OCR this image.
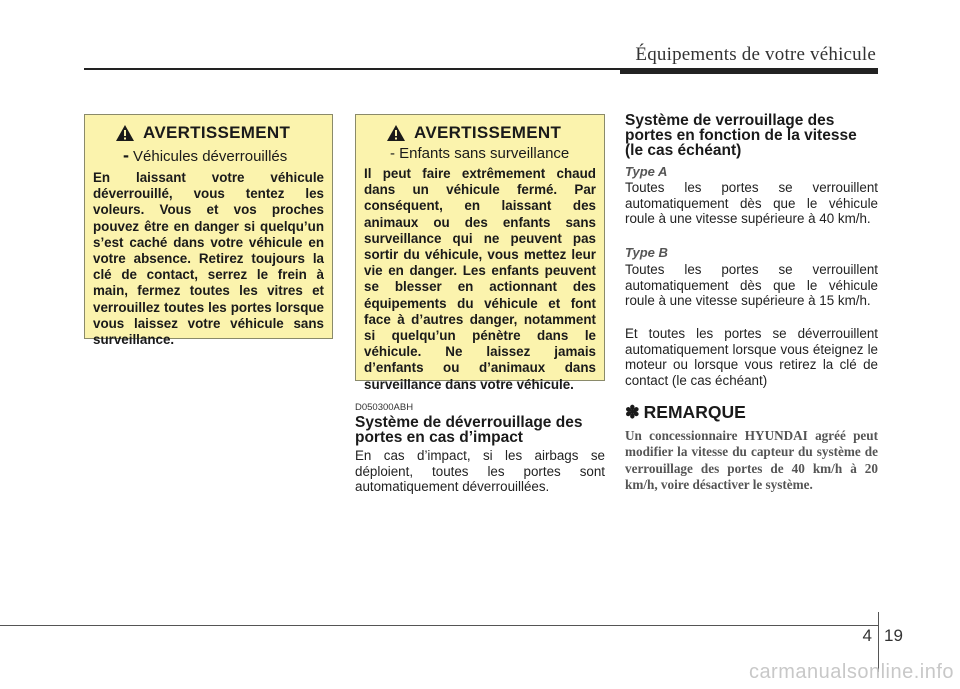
Équipements de votre véhicule
AVERTISSEMENT
- Véhicules déverrouillés
En laissant votre véhicule déverrouillé, vous tentez les voleurs. Vous et vos proches pouvez être en danger si quelqu’un s’est caché dans votre véhicule en votre absence. Retirez toujours la clé de contact, serrez le frein à main, fermez toutes les vitres et verrouillez toutes les portes lorsque vous laissez votre véhicule sans surveillance.
AVERTISSEMENT
- Enfants sans surveillance
Il peut faire extrêmement chaud dans un véhicule fermé. Par conséquent, en laissant des animaux ou des enfants sans surveillance qui ne peuvent pas sortir du véhicule, vous mettez leur vie en danger. Les enfants peuvent se blesser en actionnant des équipements du véhicule et font face à d’autres danger, notamment si quelqu’un pénètre dans le véhicule. Ne laissez jamais d’enfants ou d’animaux dans surveillance dans votre véhicule.
D050300ABH
Système de déverrouillage des portes en cas d’impact
En cas d’impact, si les airbags se déploient, toutes les portes sont automatiquement déverrouillées.
Système de verrouillage des portes en fonction de la vitesse (le cas échéant)
Type A
Toutes les portes se verrouillent automatiquement dès que le véhicule roule à une vitesse supérieure à 40 km/h.
Type B
Toutes les portes se verrouillent automatiquement dès que le véhicule roule à une vitesse supérieure à 15 km/h.
Et toutes les portes se déverrouillent automatiquement lorsque vous éteignez le moteur ou lorsque vous retirez la clé de contact (le cas échéant)
✽ REMARQUE
Un concessionnaire HYUNDAI agréé peut modifier la vitesse du capteur du système de verrouillage des portes de 40 km/h à 20 km/h, voire désactiver le système.
4 19
carmanualsonline.info
